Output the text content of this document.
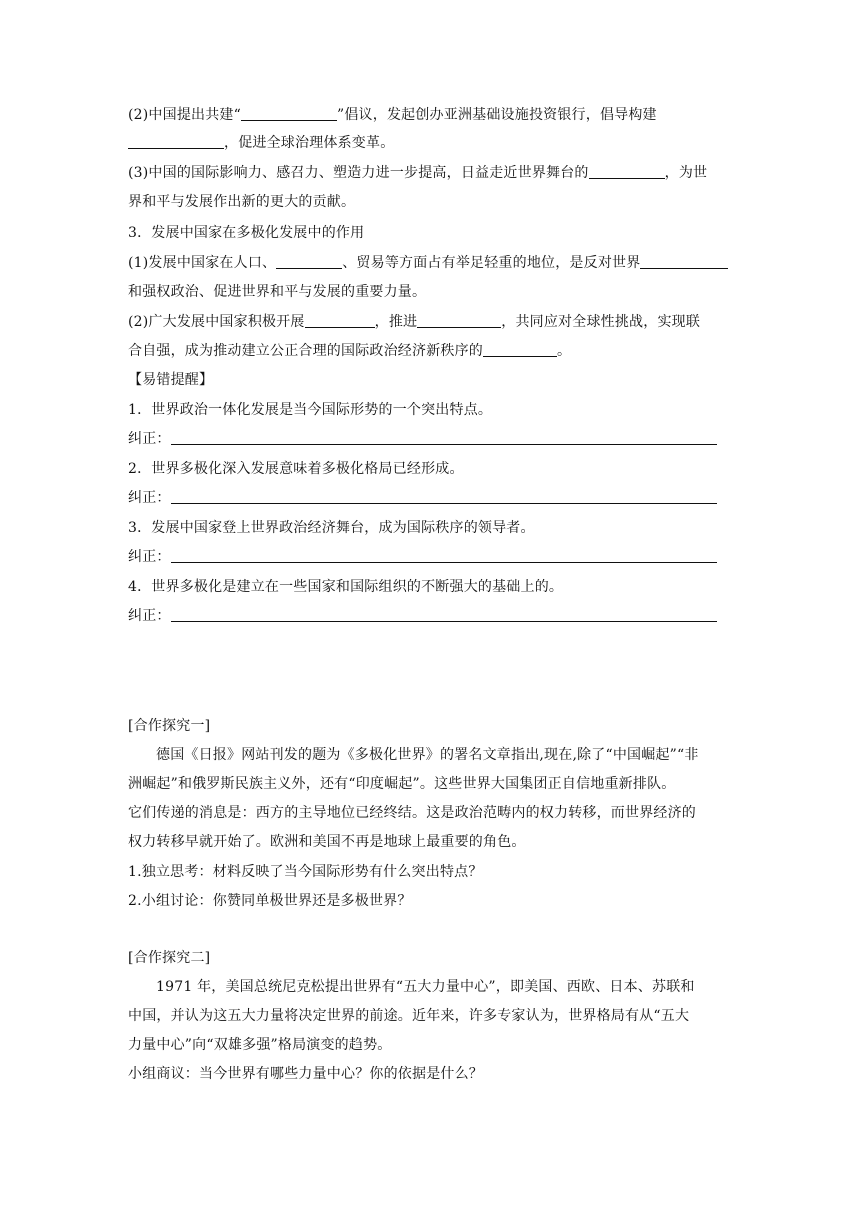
(2)中国提出共建“	”倡议，发起创办亚洲基础设施投资银行，倡导构建
，促进全球治理体系变革。
(3)中国的国际影响力、感召力、塑造力进一步提高，日益走近世界舞台的	，为世
界和平与发展作出新的更大的贡献。
3．发展中国家在多极化发展中的作用
(1)发展中国家在人口、	、贸易等方面占有举足轻重的地位，是反对世界
和强权政治、促进世界和平与发展的重要力量。
(2)广大发展中国家积极开展	，推进	，共同应对全球性挑战，实现联
合自强，成为推动建立公正合理的国际政治经济新秩序的	。
【易错提醒】
1．世界政治一体化发展是当今国际形势的一个突出特点。
纠正：
2．世界多极化深入发展意味着多极化格局已经形成。
纠正：
3．发展中国家登上世界政治经济舞台，成为国际秩序的领导者。
纠正：
4．世界多极化是建立在一些国家和国际组织的不断强大的基础上的。
纠正：
[合作探究一]
德国《日报》网站刊发的题为《多极化世界》的署名文章指出,现在,除了“中国崛起”“非
洲崛起”和俄罗斯民族主义外，还有“印度崛起”。这些世界大国集团正自信地重新排队。
它们传递的消息是：西方的主导地位已经终结。这是政治范畴内的权力转移，而世界经济的
权力转移早就开始了。欧洲和美国不再是地球上最重要的角色。
1.独立思考：材料反映了当今国际形势有什么突出特点？
2.小组讨论：你赞同单极世界还是多极世界？
[合作探究二]
1971 年，美国总统尼克松提出世界有“五大力量中心”，即美国、西欧、日本、苏联和
中国，并认为这五大力量将决定世界的前途。近年来，许多专家认为，世界格局有从“五大
力量中心”向“双雄多强”格局演变的趋势。
小组商议：当今世界有哪些力量中心？你的依据是什么？
